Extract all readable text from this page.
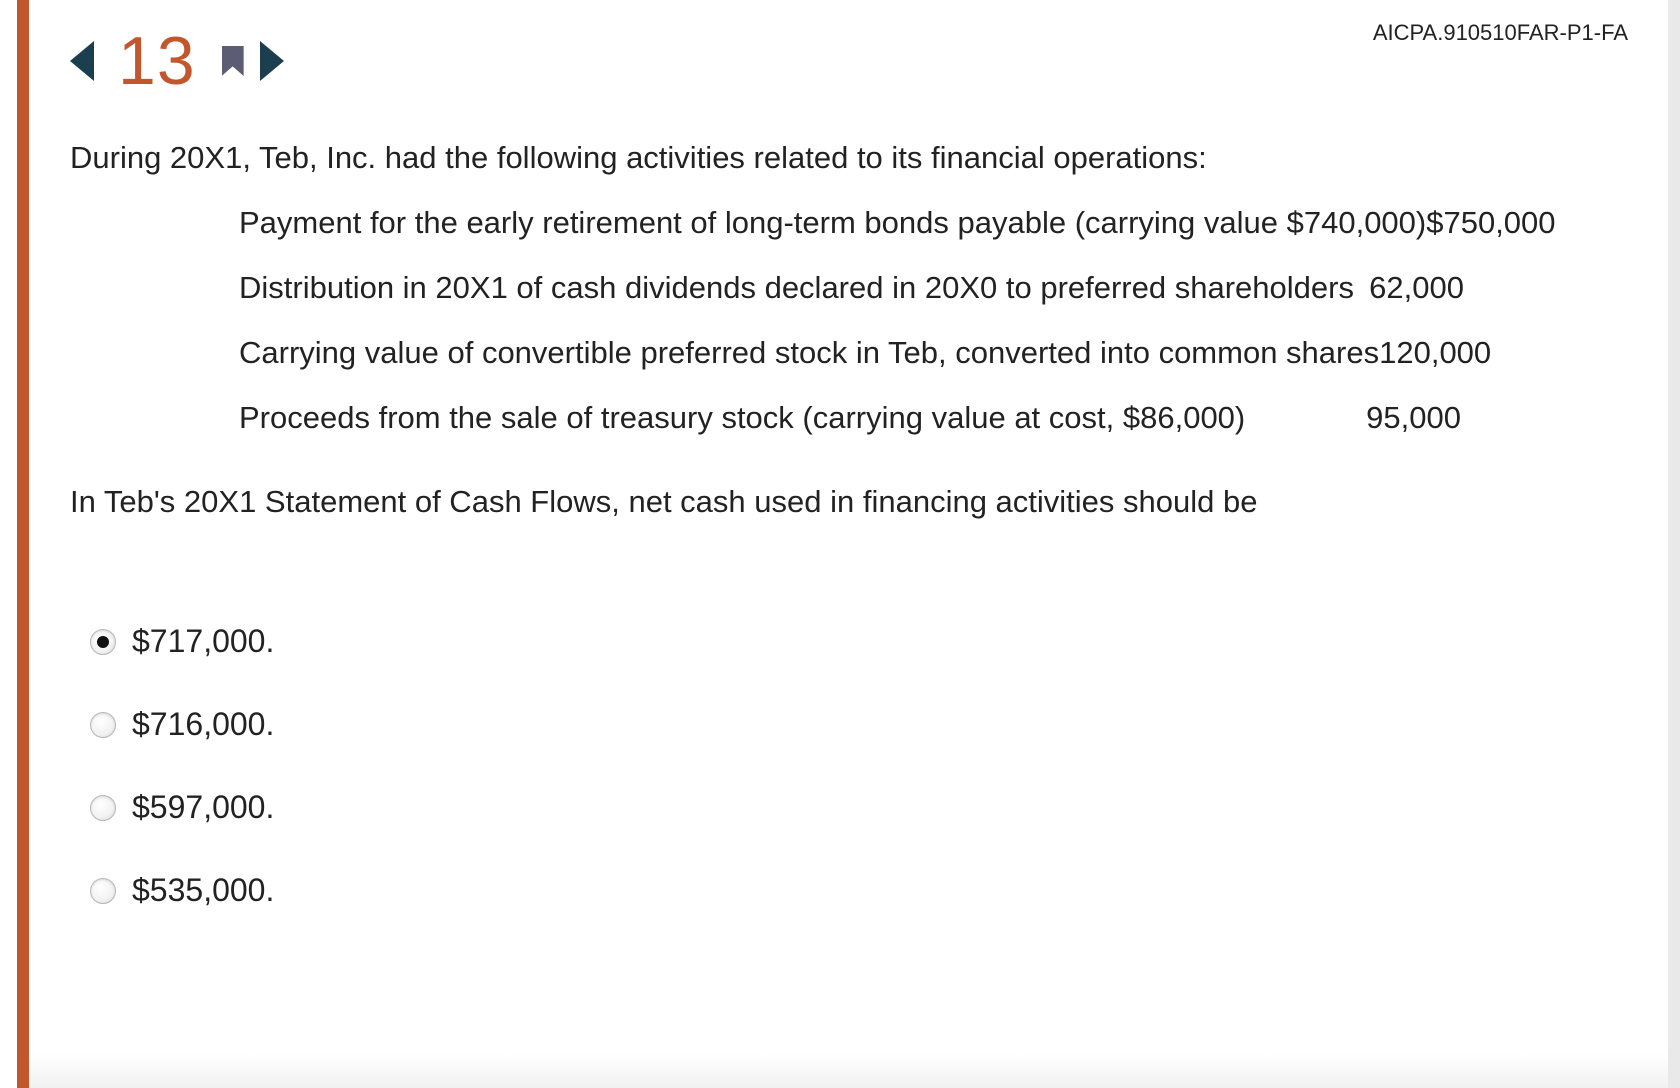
13	AICPA.910510FAR-P1-FA
During 20X1, Teb, Inc. had the following activities related to its financial operations:
Payment for the early retirement of long-term bonds payable (carrying value $740,000) $750,000
Distribution in 20X1 of cash dividends declared in 20X0 to preferred shareholders 62,000
Carrying value of convertible preferred stock in Teb, converted into common shares 120,000
Proceeds from the sale of treasury stock (carrying value at cost, $86,000)	95,000
In Teb's 20X1 Statement of Cash Flows, net cash used in financing activities should be
$717,000.
$716,000.
$597,000.
$535,000.
